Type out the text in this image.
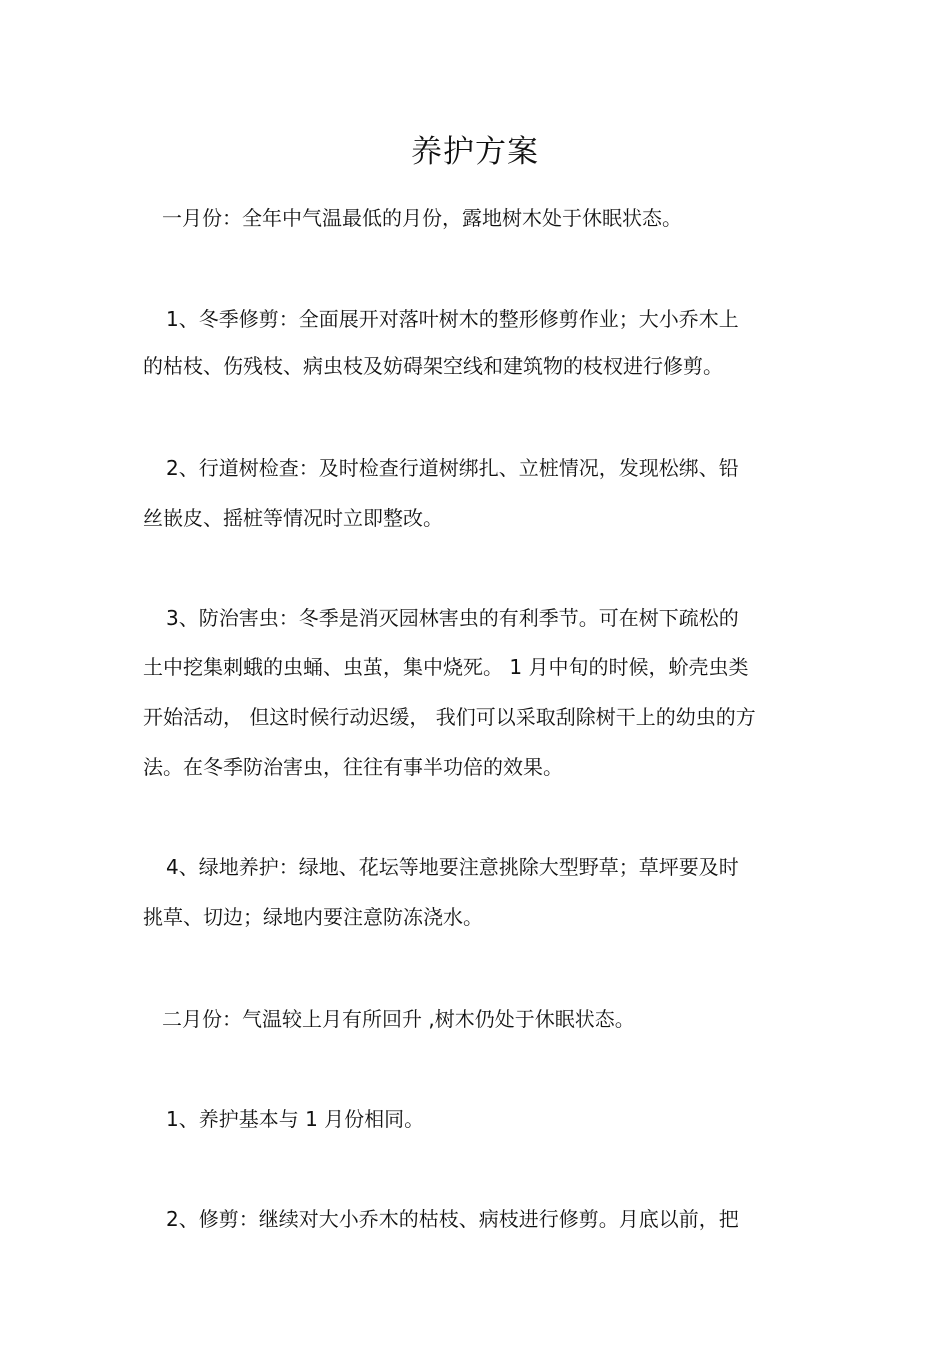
养护方案
一月份：全年中气温最低的月份，露地树木处于休眠状态。
1、冬季修剪：全面展开对落叶树木的整形修剪作业；大小乔木上
的枯枝、伤残枝、病虫枝及妨碍架空线和建筑物的枝杈进行修剪。
2、行道树检查：及时检查行道树绑扎、立桩情况，发现松绑、铅
丝嵌皮、摇桩等情况时立即整改。
3、防治害虫：冬季是消灭园林害虫的有利季节。可在树下疏松的
土中挖集刺蛾的虫蛹、虫茧，集中烧死。 1 月中旬的时候，蚧壳虫类
开始活动， 但这时候行动迟缓， 我们可以采取刮除树干上的幼虫的方
法。在冬季防治害虫，往往有事半功倍的效果。
4、绿地养护：绿地、花坛等地要注意挑除大型野草；草坪要及时
挑草、切边；绿地内要注意防冻浇水。
二月份：气温较上月有所回升 ,树木仍处于休眠状态。
1、养护基本与 1 月份相同。
2、修剪：继续对大小乔木的枯枝、病枝进行修剪。月底以前，把
